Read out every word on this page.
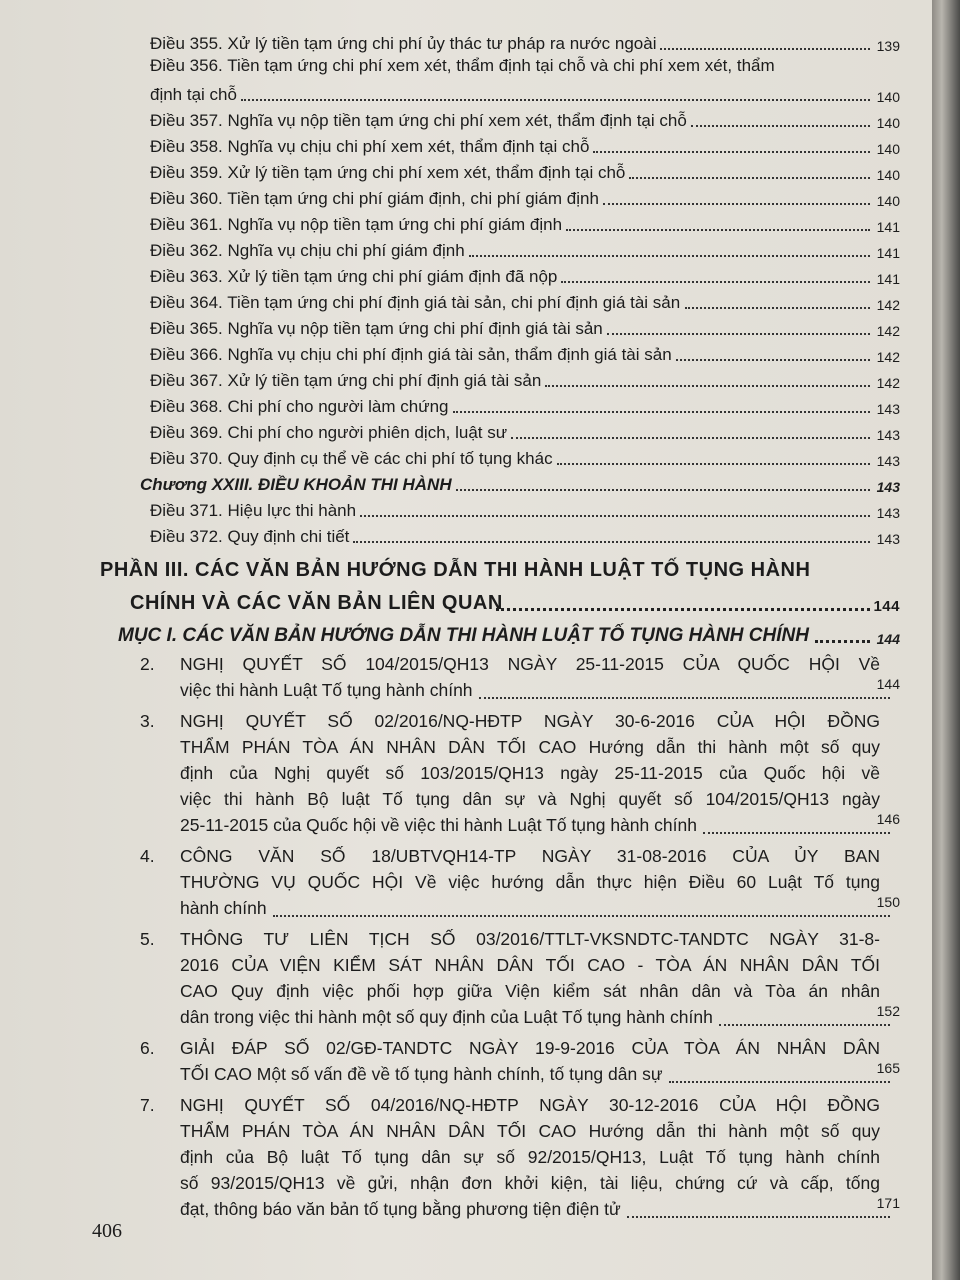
Điều 355. Xử lý tiền tạm ứng chi phí ủy thác tư pháp ra nước ngoài	139
Điều 356. Tiền tạm ứng chi phí xem xét, thẩm định tại chỗ và chi phí xem xét, thẩm
định tại chỗ	140
Điều 357. Nghĩa vụ nộp tiền tạm ứng chi phí xem xét, thẩm định tại chỗ	140
Điều 358. Nghĩa vụ chịu chi phí xem xét, thẩm định tại chỗ	140
Điều 359. Xử lý tiền tạm ứng chi phí xem xét, thẩm định tại chỗ	140
Điều 360. Tiền tạm ứng chi phí giám định, chi phí giám định	140
Điều 361. Nghĩa vụ nộp tiền tạm ứng chi phí giám định	141
Điều 362. Nghĩa vụ chịu chi phí giám định	141
Điều 363. Xử lý tiền tạm ứng chi phí giám định đã nộp	141
Điều 364. Tiền tạm ứng chi phí định giá tài sản, chi phí định giá tài sản	142
Điều 365. Nghĩa vụ nộp tiền tạm ứng chi phí định giá tài sản	142
Điều 366. Nghĩa vụ chịu chi phí định giá tài sản, thẩm định giá tài sản	142
Điều 367. Xử lý tiền tạm ứng chi phí định giá tài sản	142
Điều 368. Chi phí cho người làm chứng	143
Điều 369. Chi phí cho người phiên dịch, luật sư	143
Điều 370. Quy định cụ thể về các chi phí tố tụng khác	143
Chương XXIII. ĐIỀU KHOẢN THI HÀNH	143
Điều 371. Hiệu lực thi hành	143
Điều 372. Quy định chi tiết	143
PHẦN III. CÁC VĂN BẢN HƯỚNG DẪN THI HÀNH LUẬT TỐ TỤNG HÀNH
CHÍNH VÀ CÁC VĂN BẢN LIÊN QUAN	144
MỤC I. CÁC VĂN BẢN HƯỚNG DẪN THI HÀNH LUẬT TỐ TỤNG HÀNH CHÍNH	144
2.	NGHỊ QUYẾT SỐ 104/2015/QH13 NGÀY 25-11-2015 CỦA QUỐC HỘI Về
việc thi hành Luật Tố tụng hành chính	144
3.	NGHỊ QUYẾT SỐ 02/2016/NQ-HĐTP NGÀY 30-6-2016 CỦA HỘI ĐỒNG
THẨM PHÁN TÒA ÁN NHÂN DÂN TỐI CAO Hướng dẫn thi hành một số quy
định của Nghị quyết số 103/2015/QH13 ngày 25-11-2015 của Quốc hội về
việc thi hành Bộ luật Tố tụng dân sự và Nghị quyết số 104/2015/QH13 ngày
25-11-2015 của Quốc hội về việc thi hành Luật Tố tụng hành chính	146
4.	CÔNG VĂN SỐ 18/UBTVQH14-TP NGÀY 31-08-2016 CỦA ỦY BAN
THƯỜNG VỤ QUỐC HỘI Về việc hướng dẫn thực hiện Điều 60 Luật Tố tụng
hành chính	150
5.	THÔNG TƯ LIÊN TỊCH SỐ 03/2016/TTLT-VKSNDTC-TANDTC NGÀY 31-8-
2016 CỦA VIỆN KIỂM SÁT NHÂN DÂN TỐI CAO - TÒA ÁN NHÂN DÂN TỐI
CAO Quy định việc phối hợp giữa Viện kiểm sát nhân dân và Tòa án nhân
dân trong việc thi hành một số quy định của Luật Tố tụng hành chính	152
6.	GIẢI ĐÁP SỐ 02/GĐ-TANDTC NGÀY 19-9-2016 CỦA TÒA ÁN NHÂN DÂN
TỐI CAO Một số vấn đề về tố tụng hành chính, tố tụng dân sự	165
7.	NGHỊ QUYẾT SỐ 04/2016/NQ-HĐTP NGÀY 30-12-2016 CỦA HỘI ĐỒNG
THẨM PHÁN TÒA ÁN NHÂN DÂN TỐI CAO Hướng dẫn thi hành một số quy
định của Bộ luật Tố tụng dân sự số 92/2015/QH13, Luật Tố tụng hành chính
số 93/2015/QH13 về gửi, nhận đơn khởi kiện, tài liệu, chứng cứ và cấp, tống
đạt, thông báo văn bản tố tụng bằng phương tiện điện tử	171
406
